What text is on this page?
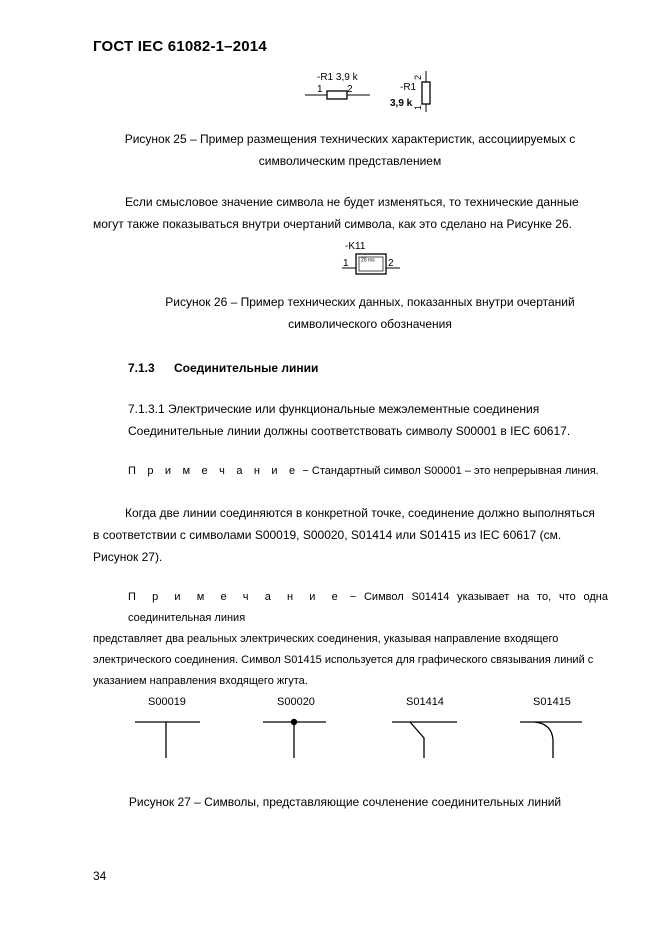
ГОСТ IEC 61082-1–2014
-R1 3,9 k
1 2	-R1
3,9 k
2
1
Рисунок 25 – Пример размещения технических характеристик, ассоциируемых с
символическим представлением
Если смысловое значение символа не будет изменяться, то технические данные
могут также показываться внутри очертаний символа, как это сделано на Рисунке 26.
-K11
1	2
20 ms
Рисунок 26 – Пример технических данных, показанных внутри очертаний
символического обозначения
7.1.3 Соединительные линии
7.1.3.1 Электрические или функциональные межэлементные соединения
Соединительные линии должны соответствовать символу S00001 в IEC 60617.
П р и м е ч а н и е − Стандартный символ S00001 – это непрерывная линия.
Когда две линии соединяются в конкретной точке, соединение должно выполняться
в соответствии с символами S00019, S00020, S01414 или S01415 из IEC 60617 (см.
Рисунок 27).
П р и м е ч а н и е − Символ S01414 указывает на то, что одна соединительная линия
представляет два реальных электрических соединения, указывая направление входящего
электрического соединения. Символ S01415 используется для графического связывания линий с
указанием направления входящего жгута.
S00019	S00020	S01414	S01415
Рисунок 27 – Символы, представляющие сочленение соединительных линий
34
